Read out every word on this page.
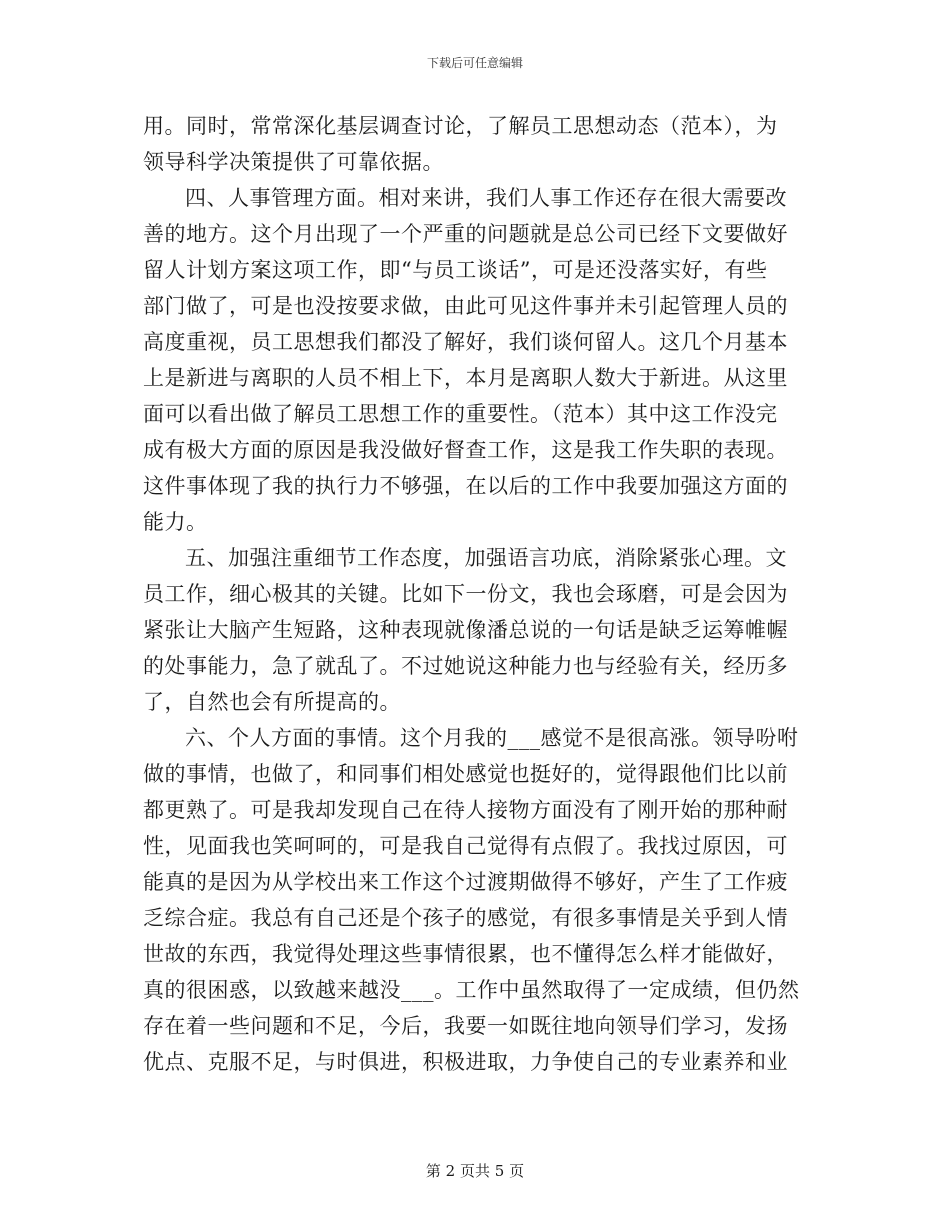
下载后可任意编辑
用。同时，常常深化基层调查讨论，了解员工思想动态（范本），为
领导科学决策提供了可靠依据。
四、人事管理方面。相对来讲，我们人事工作还存在很大需要改
善的地方。这个月出现了一个严重的问题就是总公司已经下文要做好
留人计划方案这项工作，即“与员工谈话”，可是还没落实好，有些
部门做了，可是也没按要求做，由此可见这件事并未引起管理人员的
高度重视，员工思想我们都没了解好，我们谈何留人。这几个月基本
上是新进与离职的人员不相上下，本月是离职人数大于新进。从这里
面可以看出做了解员工思想工作的重要性。（范本）其中这工作没完
成有极大方面的原因是我没做好督查工作，这是我工作失职的表现。
这件事体现了我的执行力不够强，在以后的工作中我要加强这方面的
能力。
五、加强注重细节工作态度，加强语言功底，消除紧张心理。文
员工作，细心极其的关键。比如下一份文，我也会琢磨，可是会因为
紧张让大脑产生短路，这种表现就像潘总说的一句话是缺乏运筹帷幄
的处事能力，急了就乱了。不过她说这种能力也与经验有关，经历多
了，自然也会有所提高的。
六、个人方面的事情。这个月我的___感觉不是很高涨。领导吩咐
做的事情，也做了，和同事们相处感觉也挺好的，觉得跟他们比以前
都更熟了。可是我却发现自己在待人接物方面没有了刚开始的那种耐
性，见面我也笑呵呵的，可是我自己觉得有点假了。我找过原因，可
能真的是因为从学校出来工作这个过渡期做得不够好，产生了工作疲
乏综合症。我总有自己还是个孩子的感觉，有很多事情是关乎到人情
世故的东西，我觉得处理这些事情很累，也不懂得怎么样才能做好，
真的很困惑，以致越来越没___。工作中虽然取得了一定成绩，但仍然
存在着一些问题和不足，今后，我要一如既往地向领导们学习，发扬
优点、克服不足，与时俱进，积极进取，力争使自己的专业素养和业
第 2 页共 5 页
